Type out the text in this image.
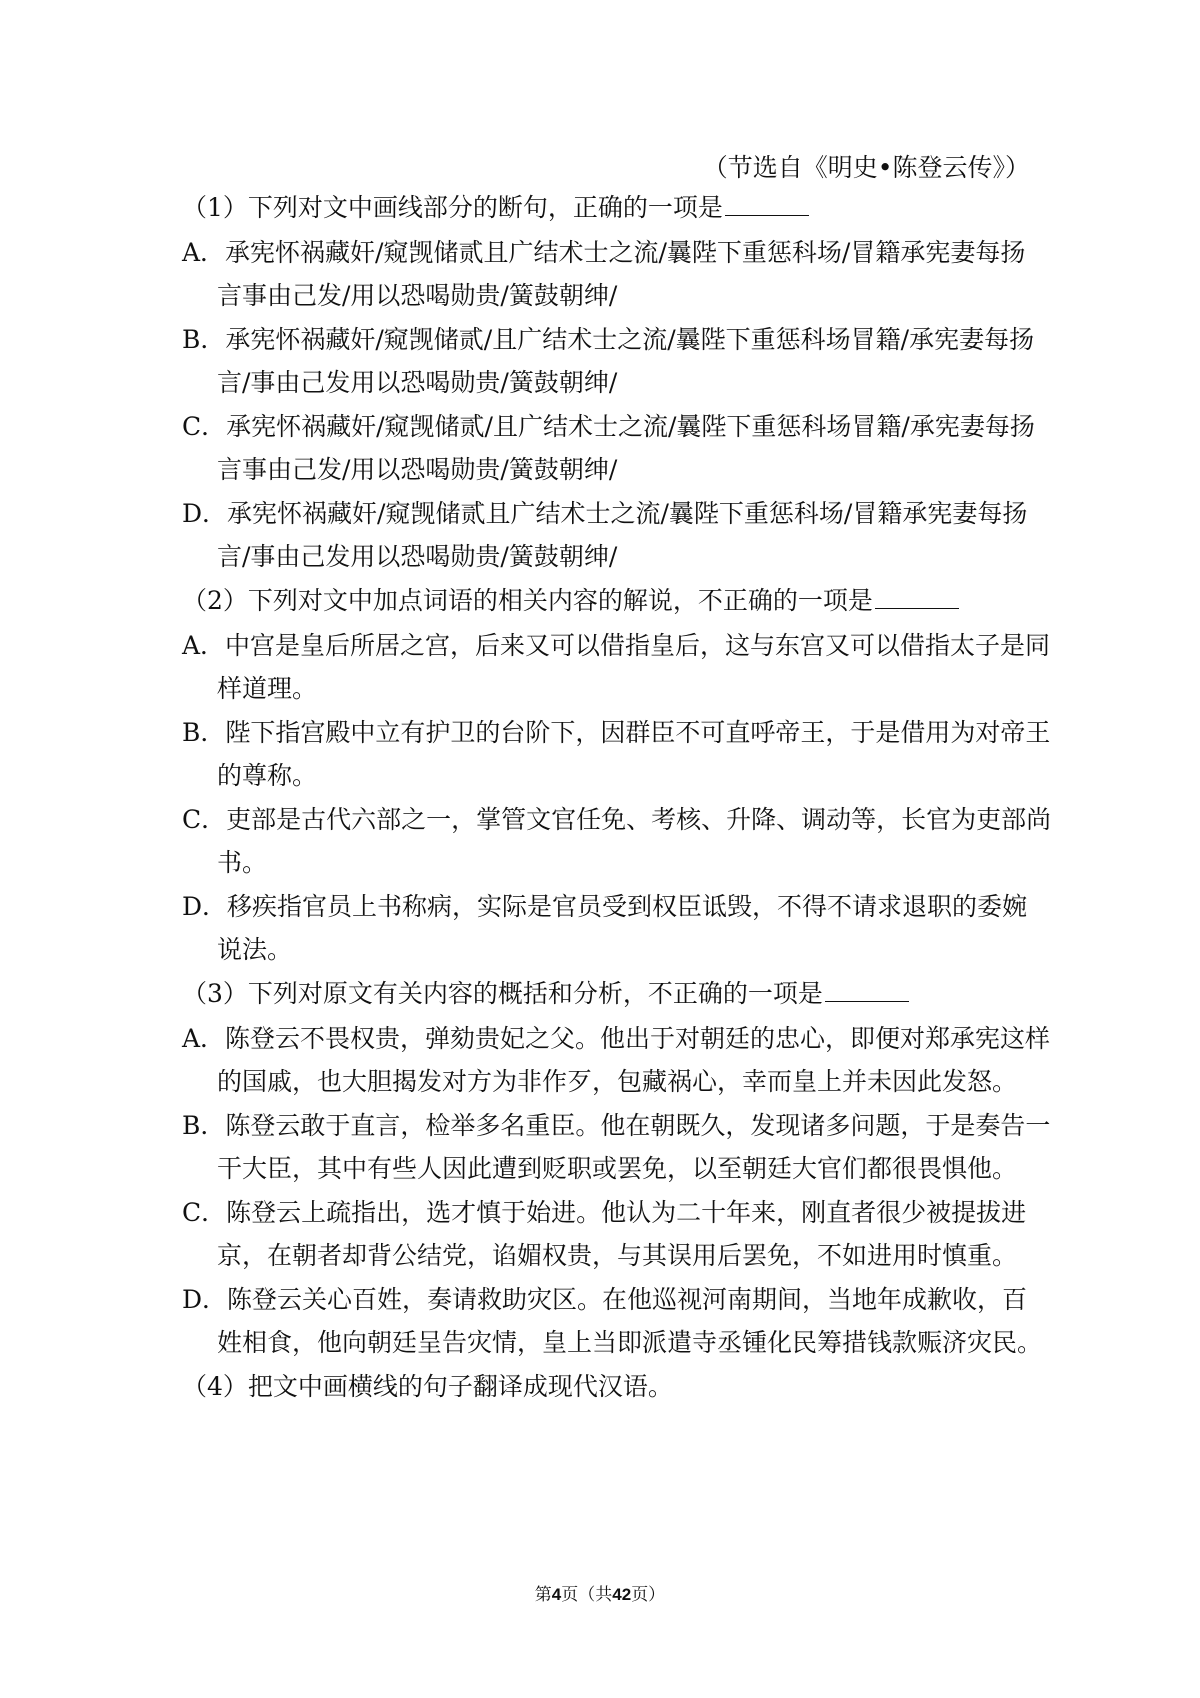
（节选自《明史•陈登云传》）
（1）下列对文中画线部分的断句，正确的一项是
A．承宪怀祸藏奸/窥觊储贰且广结术士之流/曩陛下重惩科场/冒籍承宪妻每扬
言事由己发/用以恐喝勋贵/簧鼓朝绅/
B．承宪怀祸藏奸/窥觊储贰/且广结术士之流/曩陛下重惩科场冒籍/承宪妻每扬
言/事由己发用以恐喝勋贵/簧鼓朝绅/
C．承宪怀祸藏奸/窥觊储贰/且广结术士之流/曩陛下重惩科场冒籍/承宪妻每扬
言事由己发/用以恐喝勋贵/簧鼓朝绅/
D．承宪怀祸藏奸/窥觊储贰且广结术士之流/曩陛下重惩科场/冒籍承宪妻每扬
言/事由己发用以恐喝勋贵/簧鼓朝绅/
（2）下列对文中加点词语的相关内容的解说，不正确的一项是
A．中宫是皇后所居之宫，后来又可以借指皇后，这与东宫又可以借指太子是同
样道理。
B．陛下指宫殿中立有护卫的台阶下，因群臣不可直呼帝王，于是借用为对帝王
的尊称。
C．吏部是古代六部之一，掌管文官任免、考核、升降、调动等，长官为吏部尚
书。
D．移疾指官员上书称病，实际是官员受到权臣诋毁，不得不请求退职的委婉
说法。
（3）下列对原文有关内容的概括和分析，不正确的一项是
A．陈登云不畏权贵，弹劾贵妃之父。他出于对朝廷的忠心，即便对郑承宪这样
的国戚，也大胆揭发对方为非作歹，包藏祸心，幸而皇上并未因此发怒。
B．陈登云敢于直言，检举多名重臣。他在朝既久，发现诸多问题，于是奏告一
干大臣，其中有些人因此遭到贬职或罢免，以至朝廷大官们都很畏惧他。
C．陈登云上疏指出，选才慎于始进。他认为二十年来，刚直者很少被提拔进
京，在朝者却背公结党，谄媚权贵，与其误用后罢免，不如进用时慎重。
D．陈登云关心百姓，奏请救助灾区。在他巡视河南期间，当地年成歉收，百
姓相食，他向朝廷呈告灾情，皇上当即派遣寺丞锺化民筹措钱款赈济灾民。
（4）把文中画横线的句子翻译成现代汉语。
第4页（共42页）
